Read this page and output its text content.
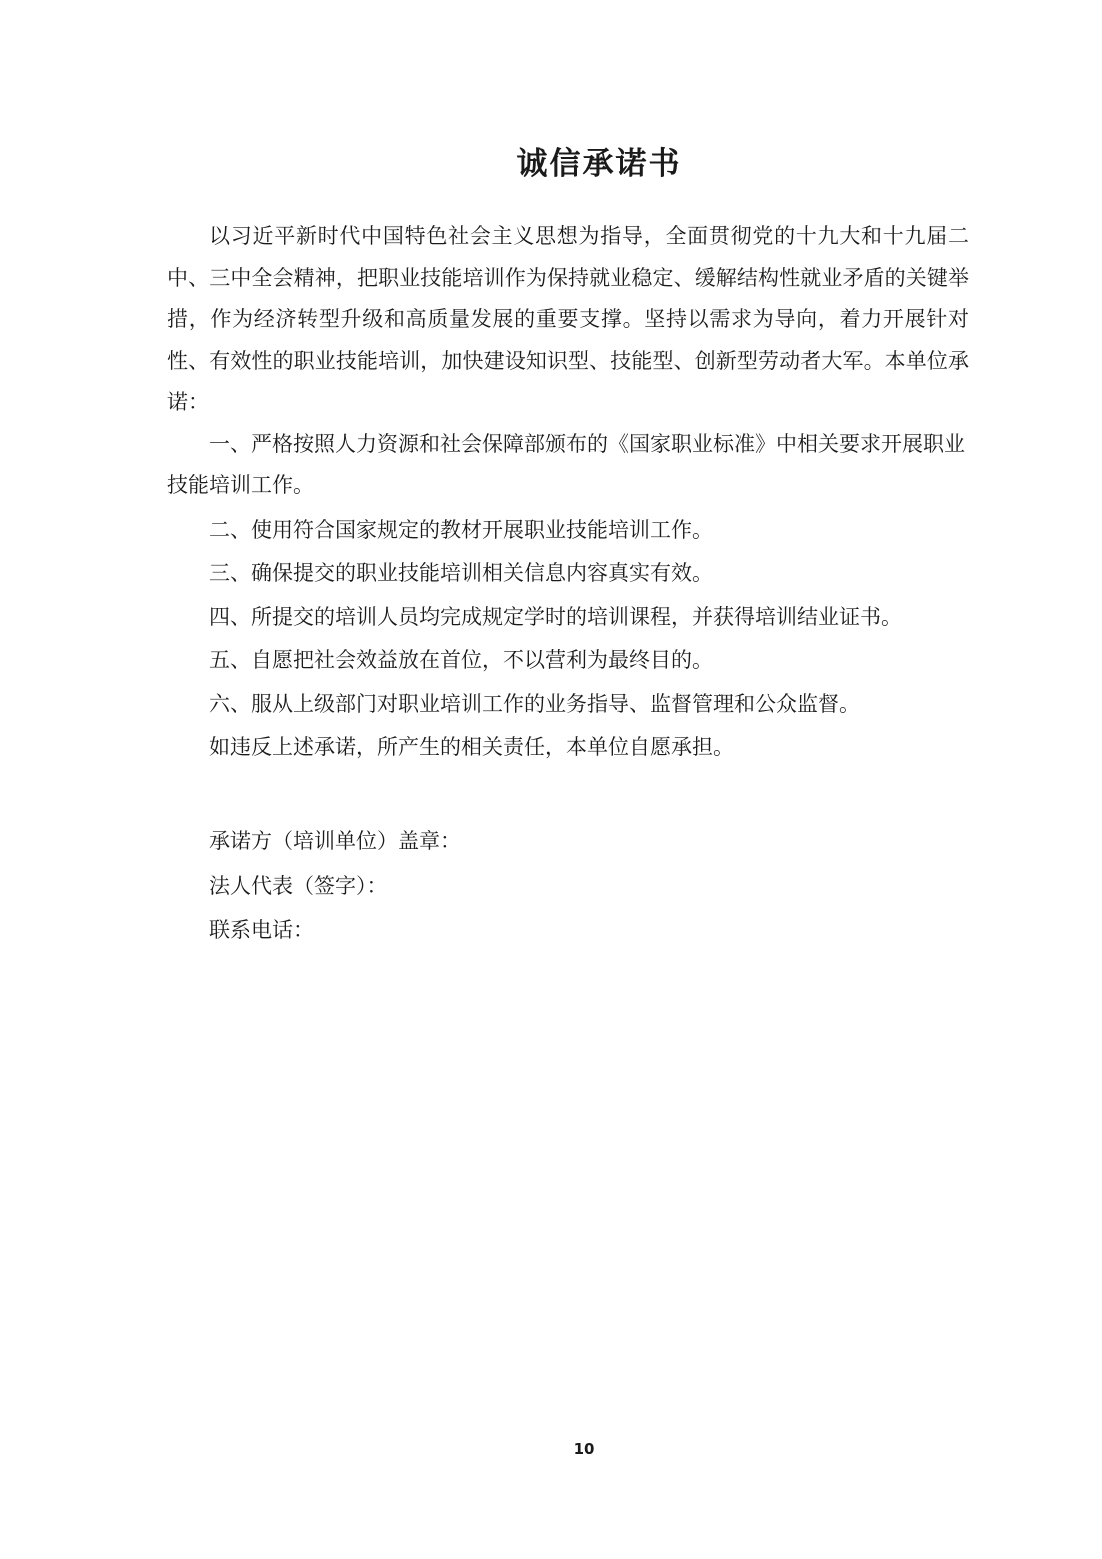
诚信承诺书

以习近平新时代中国特色社会主义思想为指导，全面贯彻党的十九大和十九届二中、三中全会精神，把职业技能培训作为保持就业稳定、缓解结构性就业矛盾的关键举措，作为经济转型升级和高质量发展的重要支撑。坚持以需求为导向，着力开展针对性、有效性的职业技能培训，加快建设知识型、技能型、创新型劳动者大军。本单位承诺：

一、严格按照人力资源和社会保障部颁布的《国家职业标准》中相关要求开展职业技能培训工作。

二、使用符合国家规定的教材开展职业技能培训工作。

三、确保提交的职业技能培训相关信息内容真实有效。

四、所提交的培训人员均完成规定学时的培训课程，并获得培训结业证书。

五、自愿把社会效益放在首位，不以营利为最终目的。

六、服从上级部门对职业培训工作的业务指导、监督管理和公众监督。

如违反上述承诺，所产生的相关责任，本单位自愿承担。

承诺方（培训单位）盖章：

法人代表（签字）：

联系电话：

10
